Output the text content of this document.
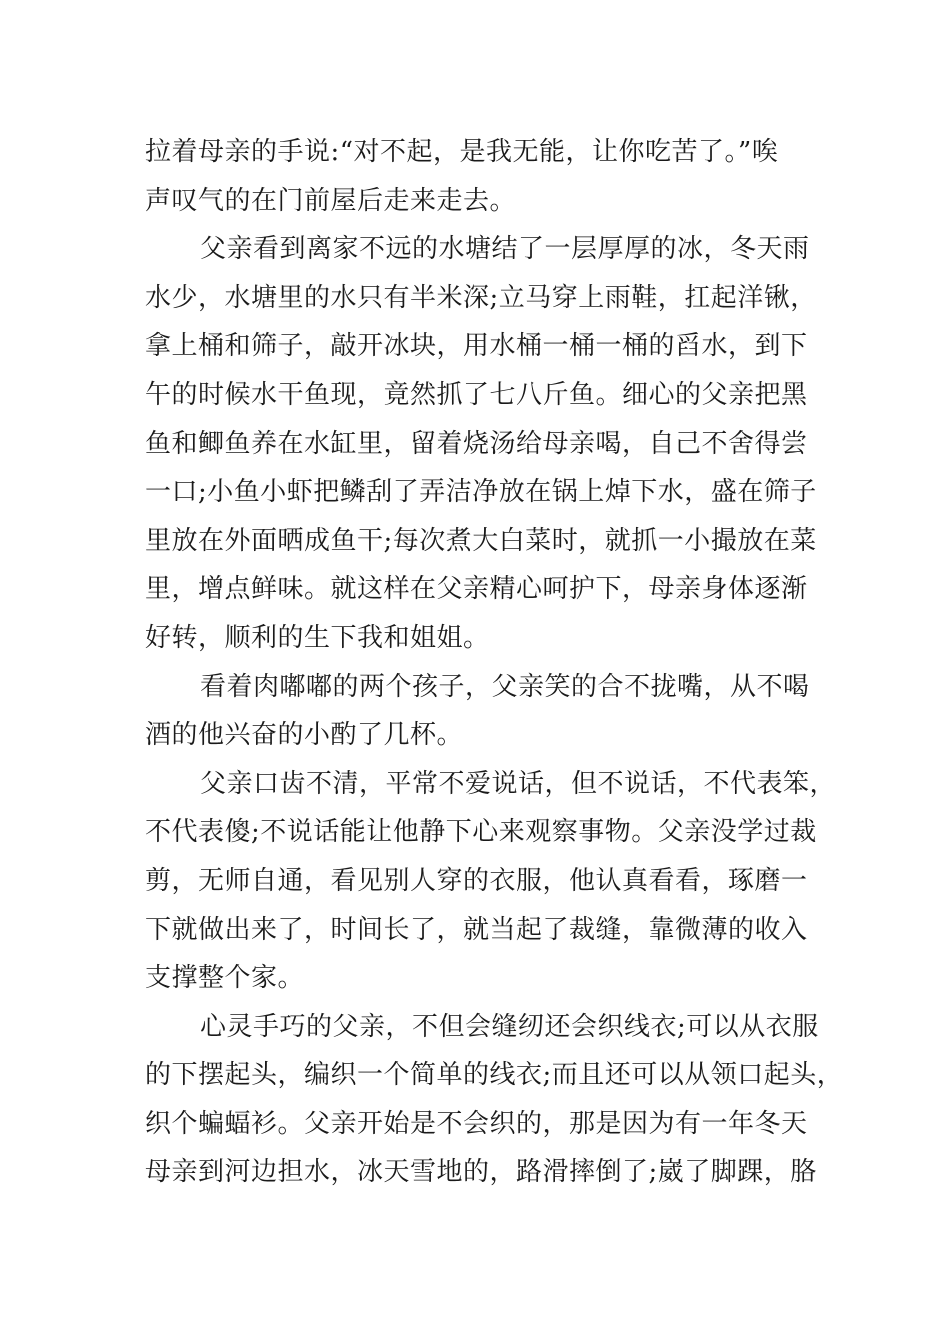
拉着母亲的手说:“对不起，是我无能，让你吃苦了。”唉
声叹气的在门前屋后走来走去。
父亲看到离家不远的水塘结了一层厚厚的冰，冬天雨
水少，水塘里的水只有半米深;立马穿上雨鞋，扛起洋锹，
拿上桶和筛子，敲开冰块，用水桶一桶一桶的舀水，到下
午的时候水干鱼现，竟然抓了七八斤鱼。细心的父亲把黑
鱼和鲫鱼养在水缸里，留着烧汤给母亲喝，自己不舍得尝
一口;小鱼小虾把鳞刮了弄洁净放在锅上焯下水，盛在筛子
里放在外面晒成鱼干;每次煮大白菜时，就抓一小撮放在菜
里，增点鲜味。就这样在父亲精心呵护下，母亲身体逐渐
好转，顺利的生下我和姐姐。
看着肉嘟嘟的两个孩子，父亲笑的合不拢嘴，从不喝
酒的他兴奋的小酌了几杯。
父亲口齿不清，平常不爱说话，但不说话，不代表笨，
不代表傻;不说话能让他静下心来观察事物。父亲没学过裁
剪，无师自通，看见别人穿的衣服，他认真看看，琢磨一
下就做出来了，时间长了，就当起了裁缝，靠微薄的收入
支撑整个家。
心灵手巧的父亲，不但会缝纫还会织线衣;可以从衣服
的下摆起头，编织一个简单的线衣;而且还可以从领口起头，
织个蝙蝠衫。父亲开始是不会织的，那是因为有一年冬天
母亲到河边担水，冰天雪地的，路滑摔倒了;崴了脚踝，胳
